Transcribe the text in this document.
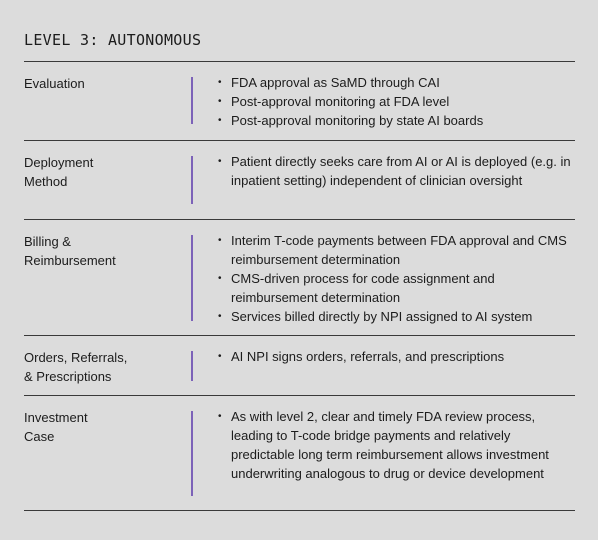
LEVEL 3: AUTONOMOUS
Evaluation
•	FDA approval as SaMD through CAI
• Post-approval monitoring at FDA level
• Post-approval monitoring by state AI boards
Deployment
Method
• Patient directly seeks care from AI or AI is deployed (e.g. in inpatient setting) independent of clinician oversight
Billing &
Reimbursement
• Interim T-code payments between FDA approval and CMS reimbursement determination
• CMS-driven process for code assignment and reimbursement determination
• Services billed directly by NPI assigned to AI system
Orders, Referrals,
& Prescriptions
• AI NPI signs orders, referrals, and prescriptions
Investment
Case
• As with level 2, clear and timely FDA review process, leading to T-code bridge payments and relatively predictable long term reimbursement allows investment underwriting analogous to drug or device development
